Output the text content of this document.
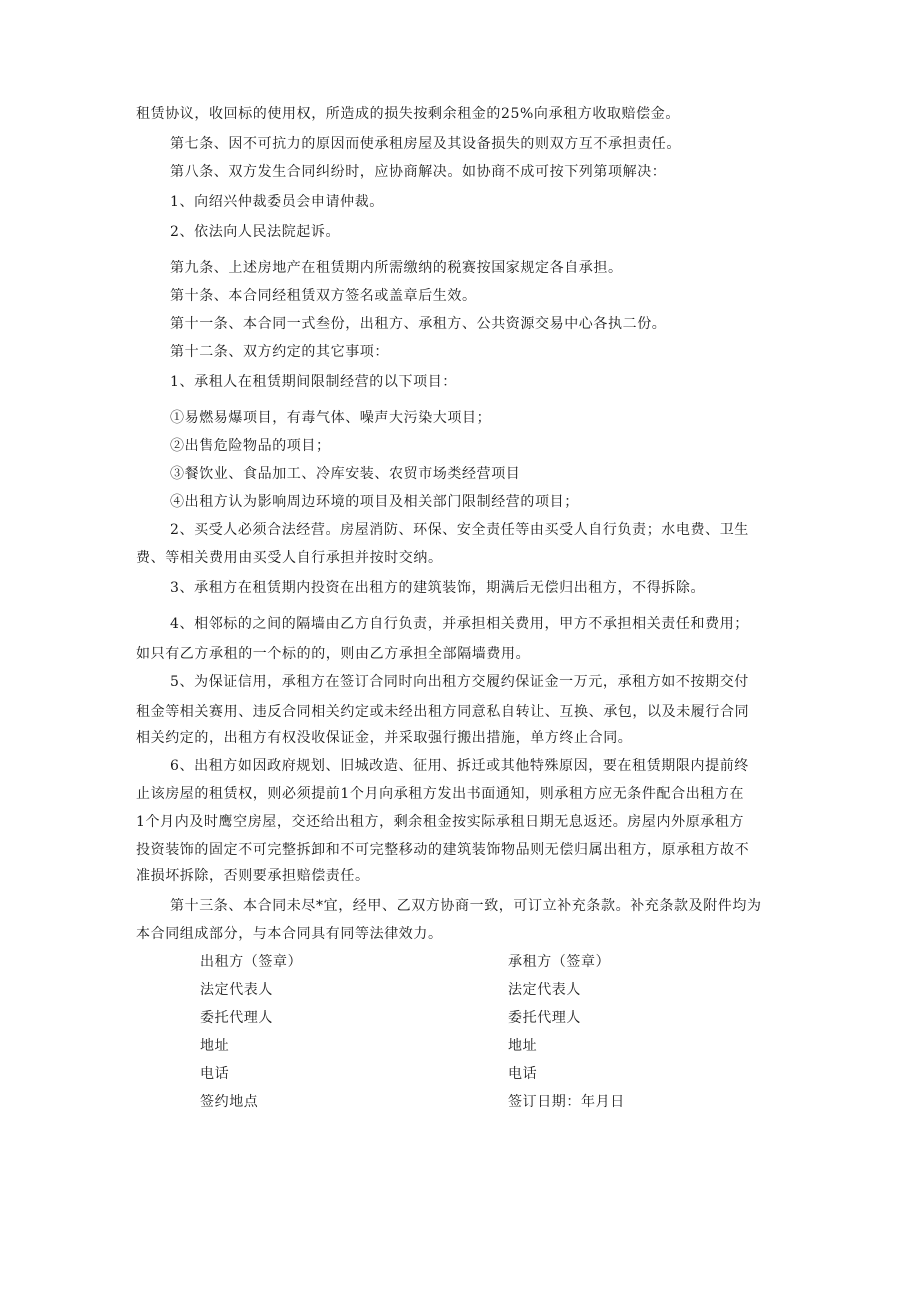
租赁协议，收回标的使用权，所造成的损失按剩余租金的25%向承租方收取赔偿金。
第七条、因不可抗力的原因而使承租房屋及其设备损失的则双方互不承担责任。
第八条、双方发生合同纠纷时，应协商解决。如协商不成可按下列第项解决：
1、向绍兴仲裁委员会申请仲裁。
2、依法向人民法院起诉。
第九条、上述房地产在租赁期内所需缴纳的税赛按国家规定各自承担。
第十条、本合同经租赁双方签名或盖章后生效。
第十一条、本合同一式叁份，出租方、承租方、公共资源交易中心各执二份。
第十二条、双方约定的其它事项：
1、承租人在租赁期间限制经营的以下项目：
①易燃易爆项目，有毒气体、噪声大污染大项目；
②出售危险物品的项目；
③餐饮业、食品加工、冷库安装、农贸市场类经营项目
④出租方认为影响周边环境的项目及相关部门限制经营的项目；
2、买受人必须合法经营。房屋消防、环保、安全责任等由买受人自行负责；水电费、卫生
费、等相关费用由买受人自行承担并按时交纳。
3、承租方在租赁期内投资在出租方的建筑装饰，期满后无偿归出租方，不得拆除。
4、相邻标的之间的隔墙由乙方自行负责，并承担相关费用，甲方不承担相关责任和费用；
如只有乙方承租的一个标的的，则由乙方承担全部隔墙费用。
5、为保证信用，承租方在签订合同时向出租方交履约保证金一万元，承租方如不按期交付
租金等相关赛用、违反合同相关约定或未经出租方同意私自转让、互换、承包，以及未履行合同
相关约定的，出租方有权没收保证金，并采取强行搬出措施，单方终止合同。
6、出租方如因政府规划、旧城改造、征用、拆迁或其他特殊原因，要在租赁期限内提前终
止该房屋的租赁权，则必须提前1个月向承租方发出书面通知，则承租方应无条件配合出租方在
1个月内及时鹰空房屋，交还给出租方，剩余租金按实际承租日期无息返还。房屋内外原承租方
投资装饰的固定不可完整拆卸和不可完整移动的建筑装饰物品则无偿归属出租方，原承租方故不
准损坏拆除，否则要承担赔偿责任。
第十三条、本合同未尽*宜，经甲、乙双方协商一致，可订立补充条款。补充条款及附件均为
本合同组成部分，与本合同具有同等法律效力。
出租方（签章）
法定代表人
委托代理人
地址
电话
签约地点
承租方（签章）
法定代表人
委托代理人
地址
电话
签订日期：年月日
